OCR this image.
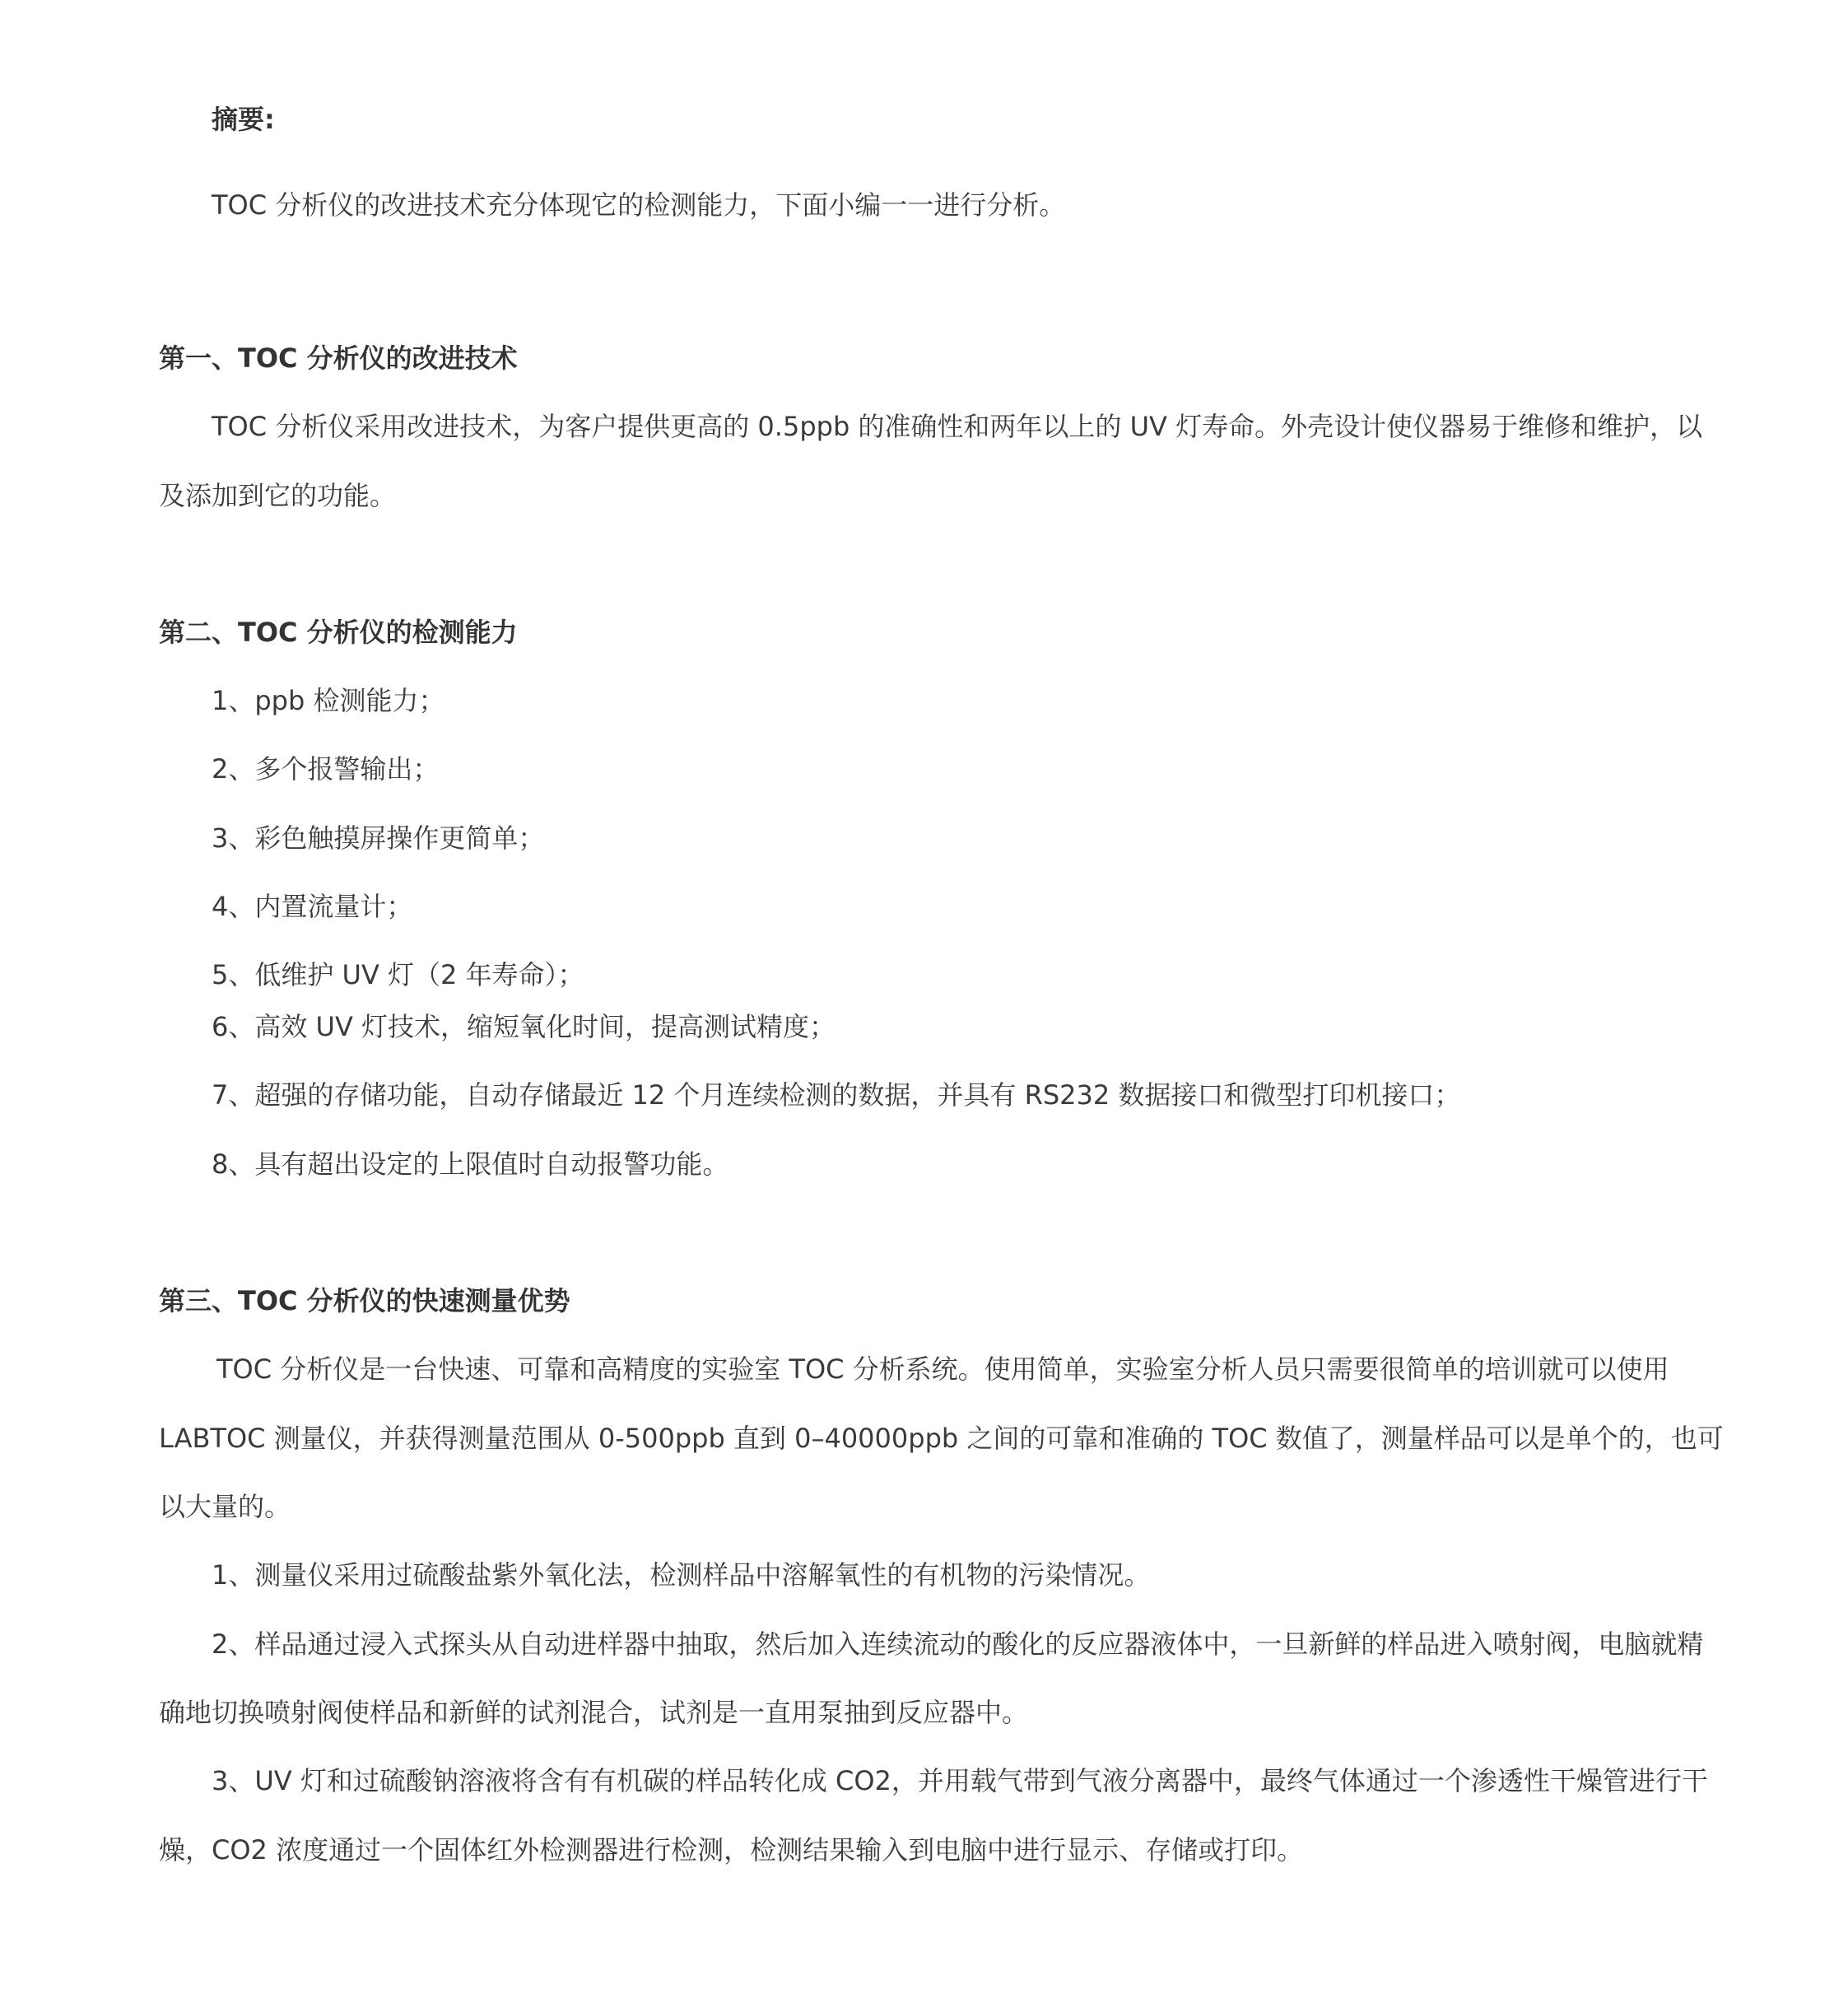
摘要:
TOC 分析仪的改进技术充分体现它的检测能力，下面小编一一进行分析。
第一、TOC 分析仪的改进技术
TOC 分析仪采用改进技术，为客户提供更高的 0.5ppb 的准确性和两年以上的 UV 灯寿命。外壳设计使仪器易于维修和维护，以
及添加到它的功能。
第二、TOC 分析仪的检测能力
1、ppb 检测能力；
2、多个报警输出；
3、彩色触摸屏操作更简单；
4、内置流量计；
5、低维护 UV 灯（2 年寿命）；
6、高效 UV 灯技术，缩短氧化时间，提高测试精度；
7、超强的存储功能，自动存储最近 12 个月连续检测的数据，并具有 RS232 数据接口和微型打印机接口；
8、具有超出设定的上限值时自动报警功能。
第三、TOC 分析仪的快速测量优势
TOC 分析仪是一台快速、可靠和高精度的实验室 TOC 分析系统。使用简单，实验室分析人员只需要很简单的培训就可以使用
LABTOC 测量仪，并获得测量范围从 0-500ppb 直到 0–40000ppb 之间的可靠和准确的 TOC 数值了，测量样品可以是单个的，也可
以大量的。
1、测量仪采用过硫酸盐紫外氧化法，检测样品中溶解氧性的有机物的污染情况。
2、样品通过浸入式探头从自动进样器中抽取，然后加入连续流动的酸化的反应器液体中，一旦新鲜的样品进入喷射阀，电脑就精
确地切换喷射阀使样品和新鲜的试剂混合，试剂是一直用泵抽到反应器中。
3、UV 灯和过硫酸钠溶液将含有有机碳的样品转化成 CO2，并用载气带到气液分离器中，最终气体通过一个渗透性干燥管进行干
燥，CO2 浓度通过一个固体红外检测器进行检测，检测结果输入到电脑中进行显示、存储或打印。
